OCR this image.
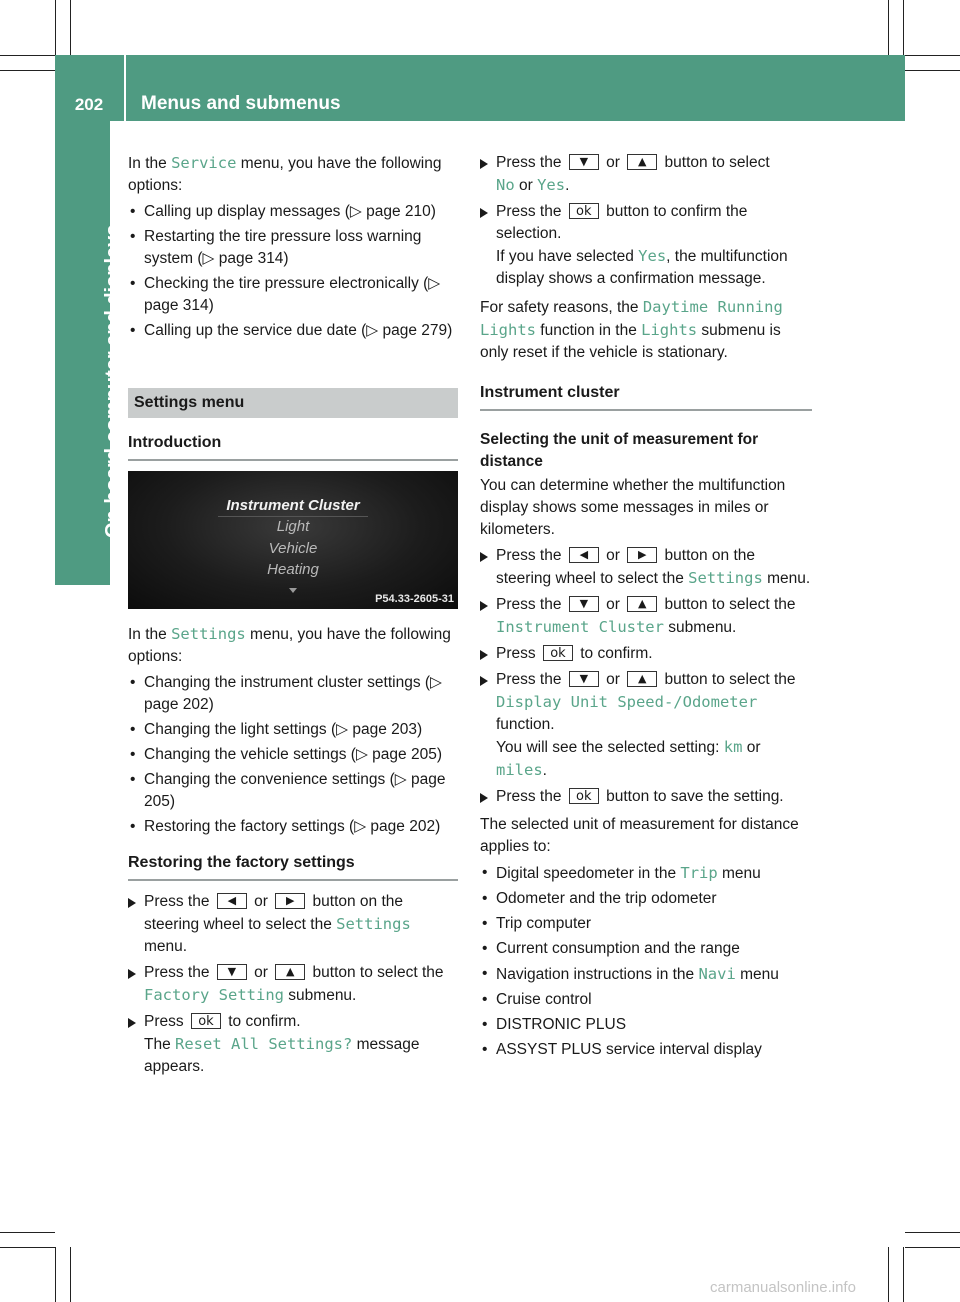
202	Menus and submenus
On-board computer and displays

In the Service menu, you have the following options:

• Calling up display messages (▷ page 210)
• Restarting the tire pressure loss warning system (▷ page 314)
• Checking the tire pressure electronically (▷ page 314)
• Calling up the service due date (▷ page 279)
Settings menu
Introduction
Instrument Cluster
Light
Vehicle
Heating
P54.33-2605-31

In the Settings menu, you have the following options:

• Changing the instrument cluster settings (▷ page 202)
• Changing the light settings (▷ page 203)
• Changing the vehicle settings (▷ page 205)
• Changing the convenience settings (▷ page 205)
• Restoring the factory settings (▷ page 202)
Restoring the factory settings
Press the	◀	or	▶	button on the steering wheel to select the Settings menu.
Press the	▼	or	▲	button to select the Factory Setting submenu.
Press	ok to confirm.
The Reset All Settings? message appears.
Press the	▼	or	▲	button to select
No or Yes.
Press the	ok button to confirm the selection.
If you have selected Yes, the multifunction display shows a confirmation message.

For safety reasons, the Daytime Running Lights function in the Lights submenu is only reset if the vehicle is stationary.

Instrument cluster
Selecting the unit of measurement for distance

You can determine whether the multifunction display shows some messages in miles or kilometers.

Press the	◀	or	▶	button on the steering wheel to select the Settings menu.
Press the	▼	or	▲	button to select the Instrument Cluster submenu.
Press	ok to confirm.
Press the	▼	or	▲	button to select the Display Unit Speed-/Odometer function.
You will see the selected setting: km or miles.
Press the	ok button to save the setting.

The selected unit of measurement for distance applies to:

• Digital speedometer in the Trip menu
• Odometer and the trip odometer
• Trip computer
• Current consumption and the range
• Navigation instructions in the Navi menu
• Cruise control
• DISTRONIC PLUS
• ASSYST PLUS service interval display
carmanualsonline.info
